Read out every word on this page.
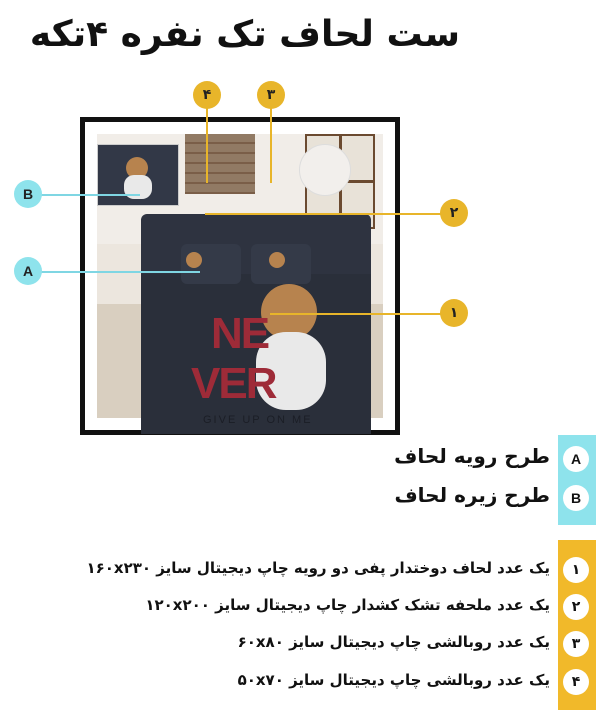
ست لحاف تک نفره ۴تکه
NE
VER
GIVE UP ON ME
B
A
۲
۱
۴	۳
A
B
طرح رویه لحاف
طرح زیره لحاف
۱
۲
۳
۴
یک عدد لحاف دوختدار پفی دو رویه چاپ دیجیتال سایز ۱۶۰x۲۳۰
یک عدد ملحفه تشک کشدار چاپ دیجیتال سایز ۱۲۰x۲۰۰
یک عدد روبالشی چاپ دیجیتال سایز ۶۰x۸۰
یک عدد روبالشی چاپ دیجیتال سایز ۵۰x۷۰
